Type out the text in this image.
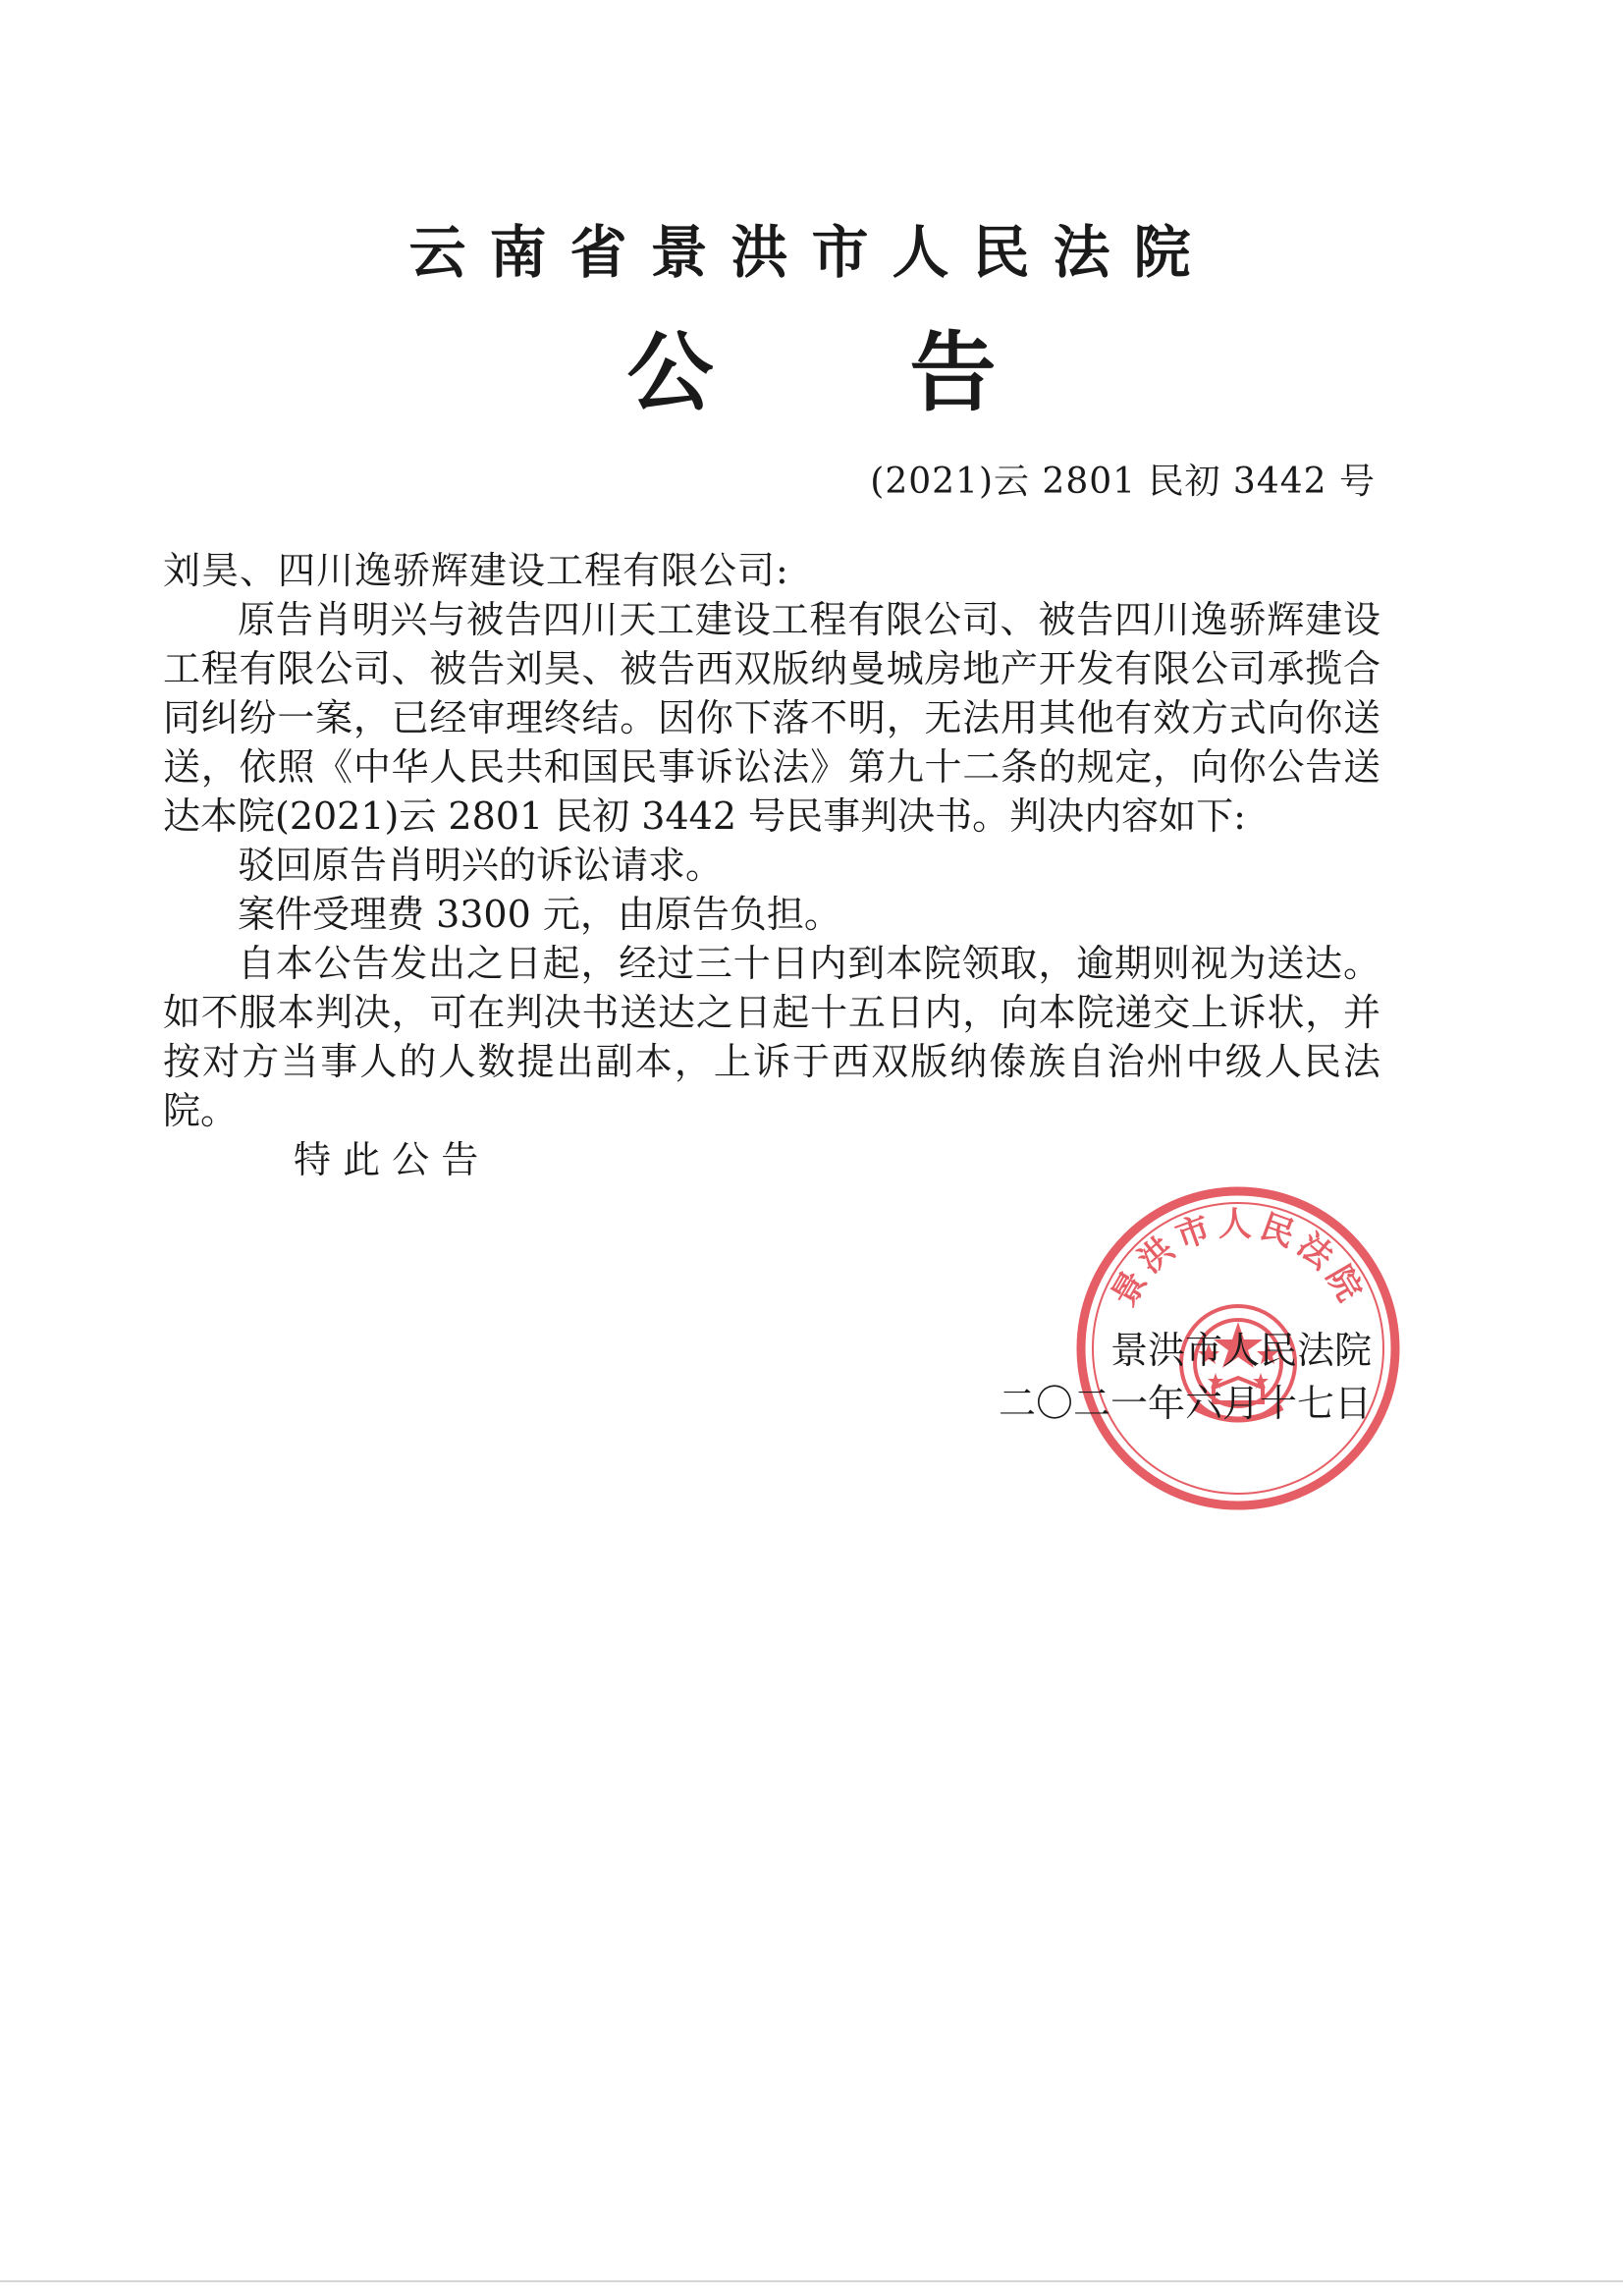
云南省景洪市人民法院
公 告
(2021)云 2801 民初 3442 号

刘昊、四川逸骄辉建设工程有限公司:

原告肖明兴与被告四川天工建设工程有限公司、被告四川逸骄辉建设工程有限公司、被告刘昊、被告西双版纳曼城房地产开发有限公司承揽合同纠纷一案，已经审理终结。因你下落不明，无法用其他有效方式向你送送，依照《中华人民共和国民事诉讼法》第九十二条的规定，向你公告送达本院(2021)云 2801 民初 3442 号民事判决书。判决内容如下:

驳回原告肖明兴的诉讼请求。

案件受理费 3300 元，由原告负担。

自本公告发出之日起，经过三十日内到本院领取，逾期则视为送达。如不服本判决，可在判决书送达之日起十五日内，向本院递交上诉状，并按对方当事人的人数提出副本，上诉于西双版纳傣族自治州中级人民法院。

特 此 公 告

景洪市人民法院
景洪市人民法院
二〇二一年六月十七日
